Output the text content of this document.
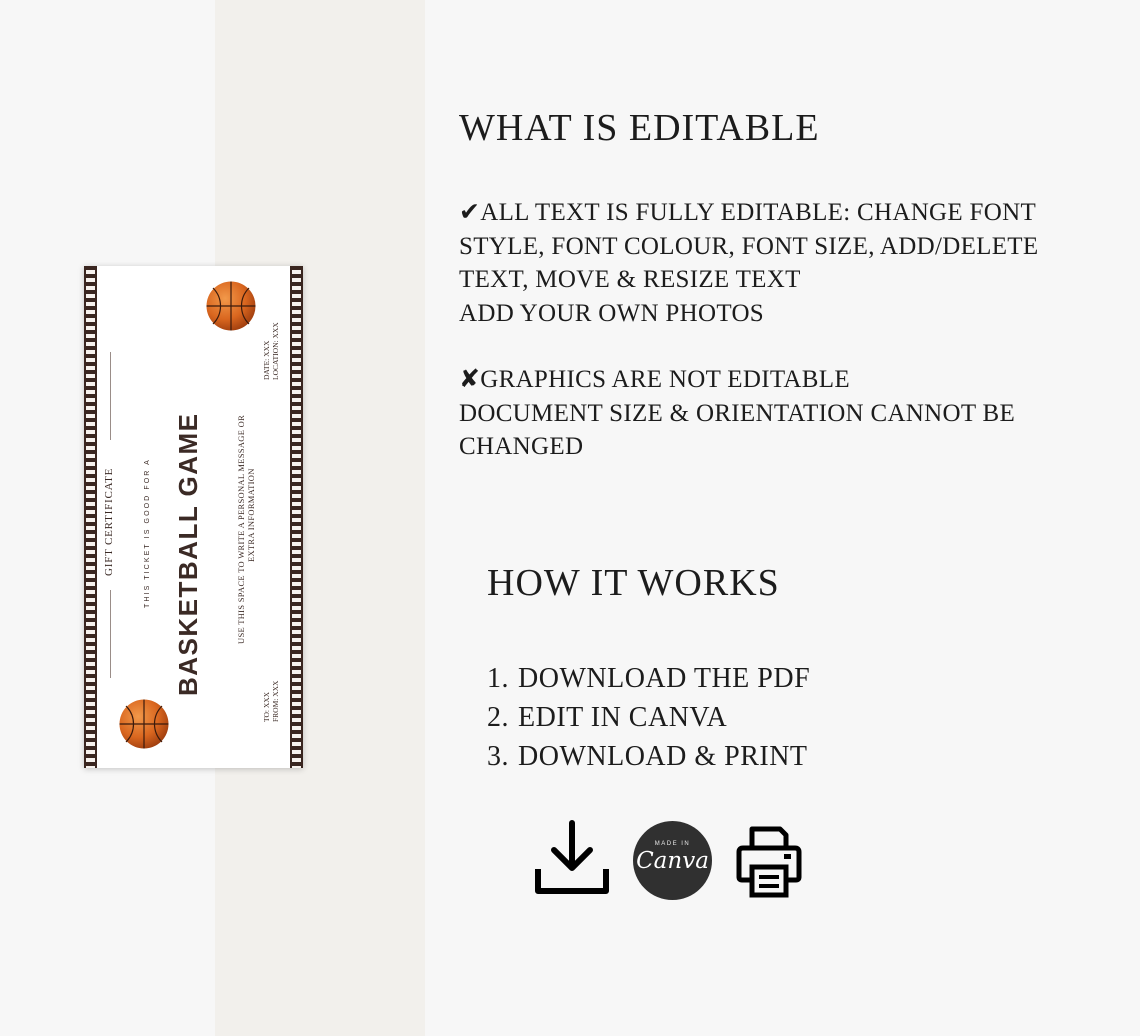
GIFT CERTIFICATE	THIS TICKET IS GOOD FOR A BASKETBALL GAME	USE THIS SPACE TO WRITE A PERSONAL MESSAGE OR EXTRA INFORMATION
DATE: XXX LOCATION: XXX
TO: XXX FROM: XXX
WHAT IS EDITABLE
✔ALL TEXT IS FULLY EDITABLE: CHANGE FONT
STYLE, FONT COLOUR, FONT SIZE, ADD/DELETE
TEXT, MOVE & RESIZE TEXT
ADD YOUR OWN PHOTOS
✘GRAPHICS ARE NOT EDITABLE
DOCUMENT SIZE & ORIENTATION CANNOT BE
CHANGED
HOW IT WORKS
1. DOWNLOAD THE PDF
2. EDIT IN CANVA
3. DOWNLOAD & PRINT
MADE IN
Canva
